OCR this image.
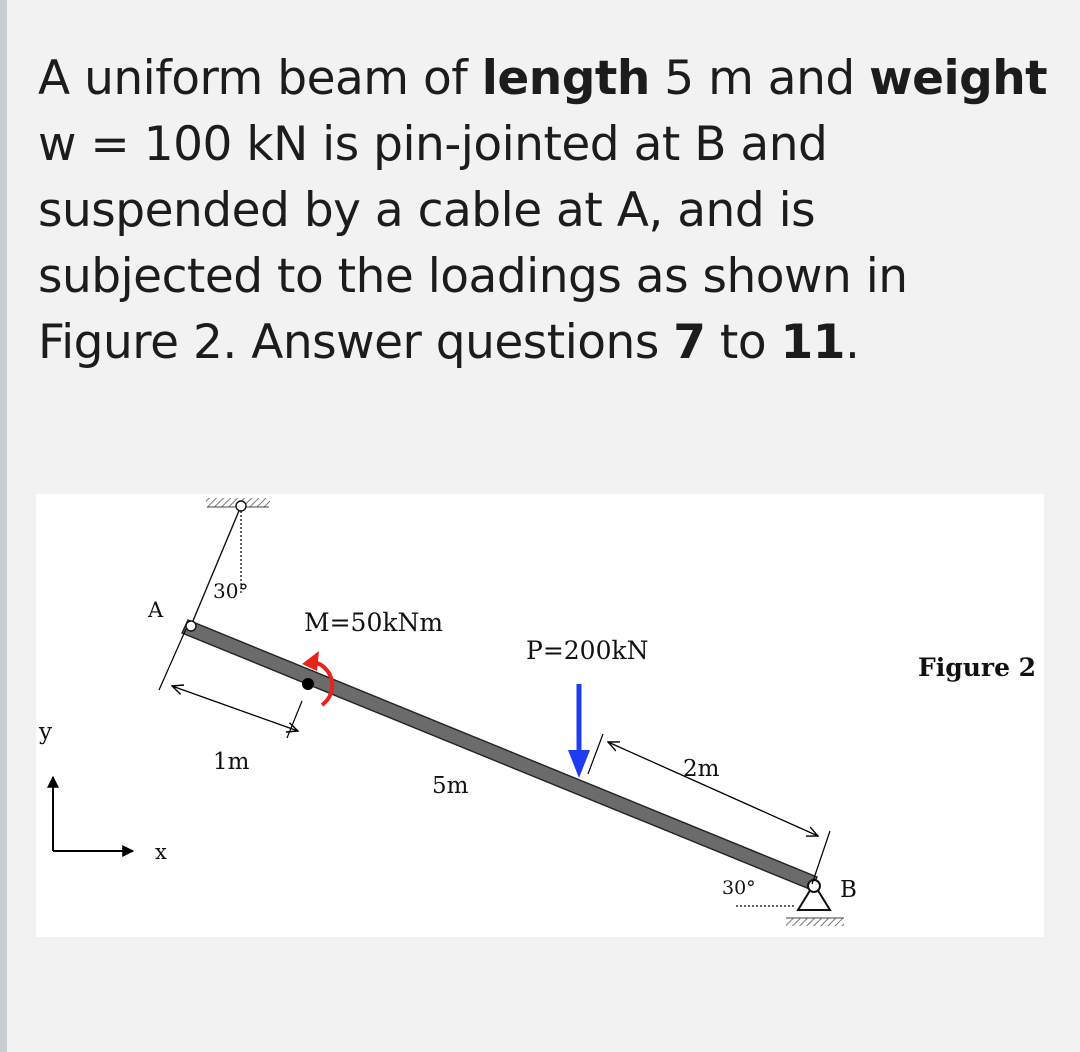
A uniform beam of length 5 m and weight
w = 100 kN is pin-jointed at B and
suspended by a cable at A, and is
subjected to the loadings as shown in
Figure 2. Answer questions 7 to 11.
A
30°
M=50kNm
P=200kN
Figure 2
1m
5m
2m
30°	B
y
x
